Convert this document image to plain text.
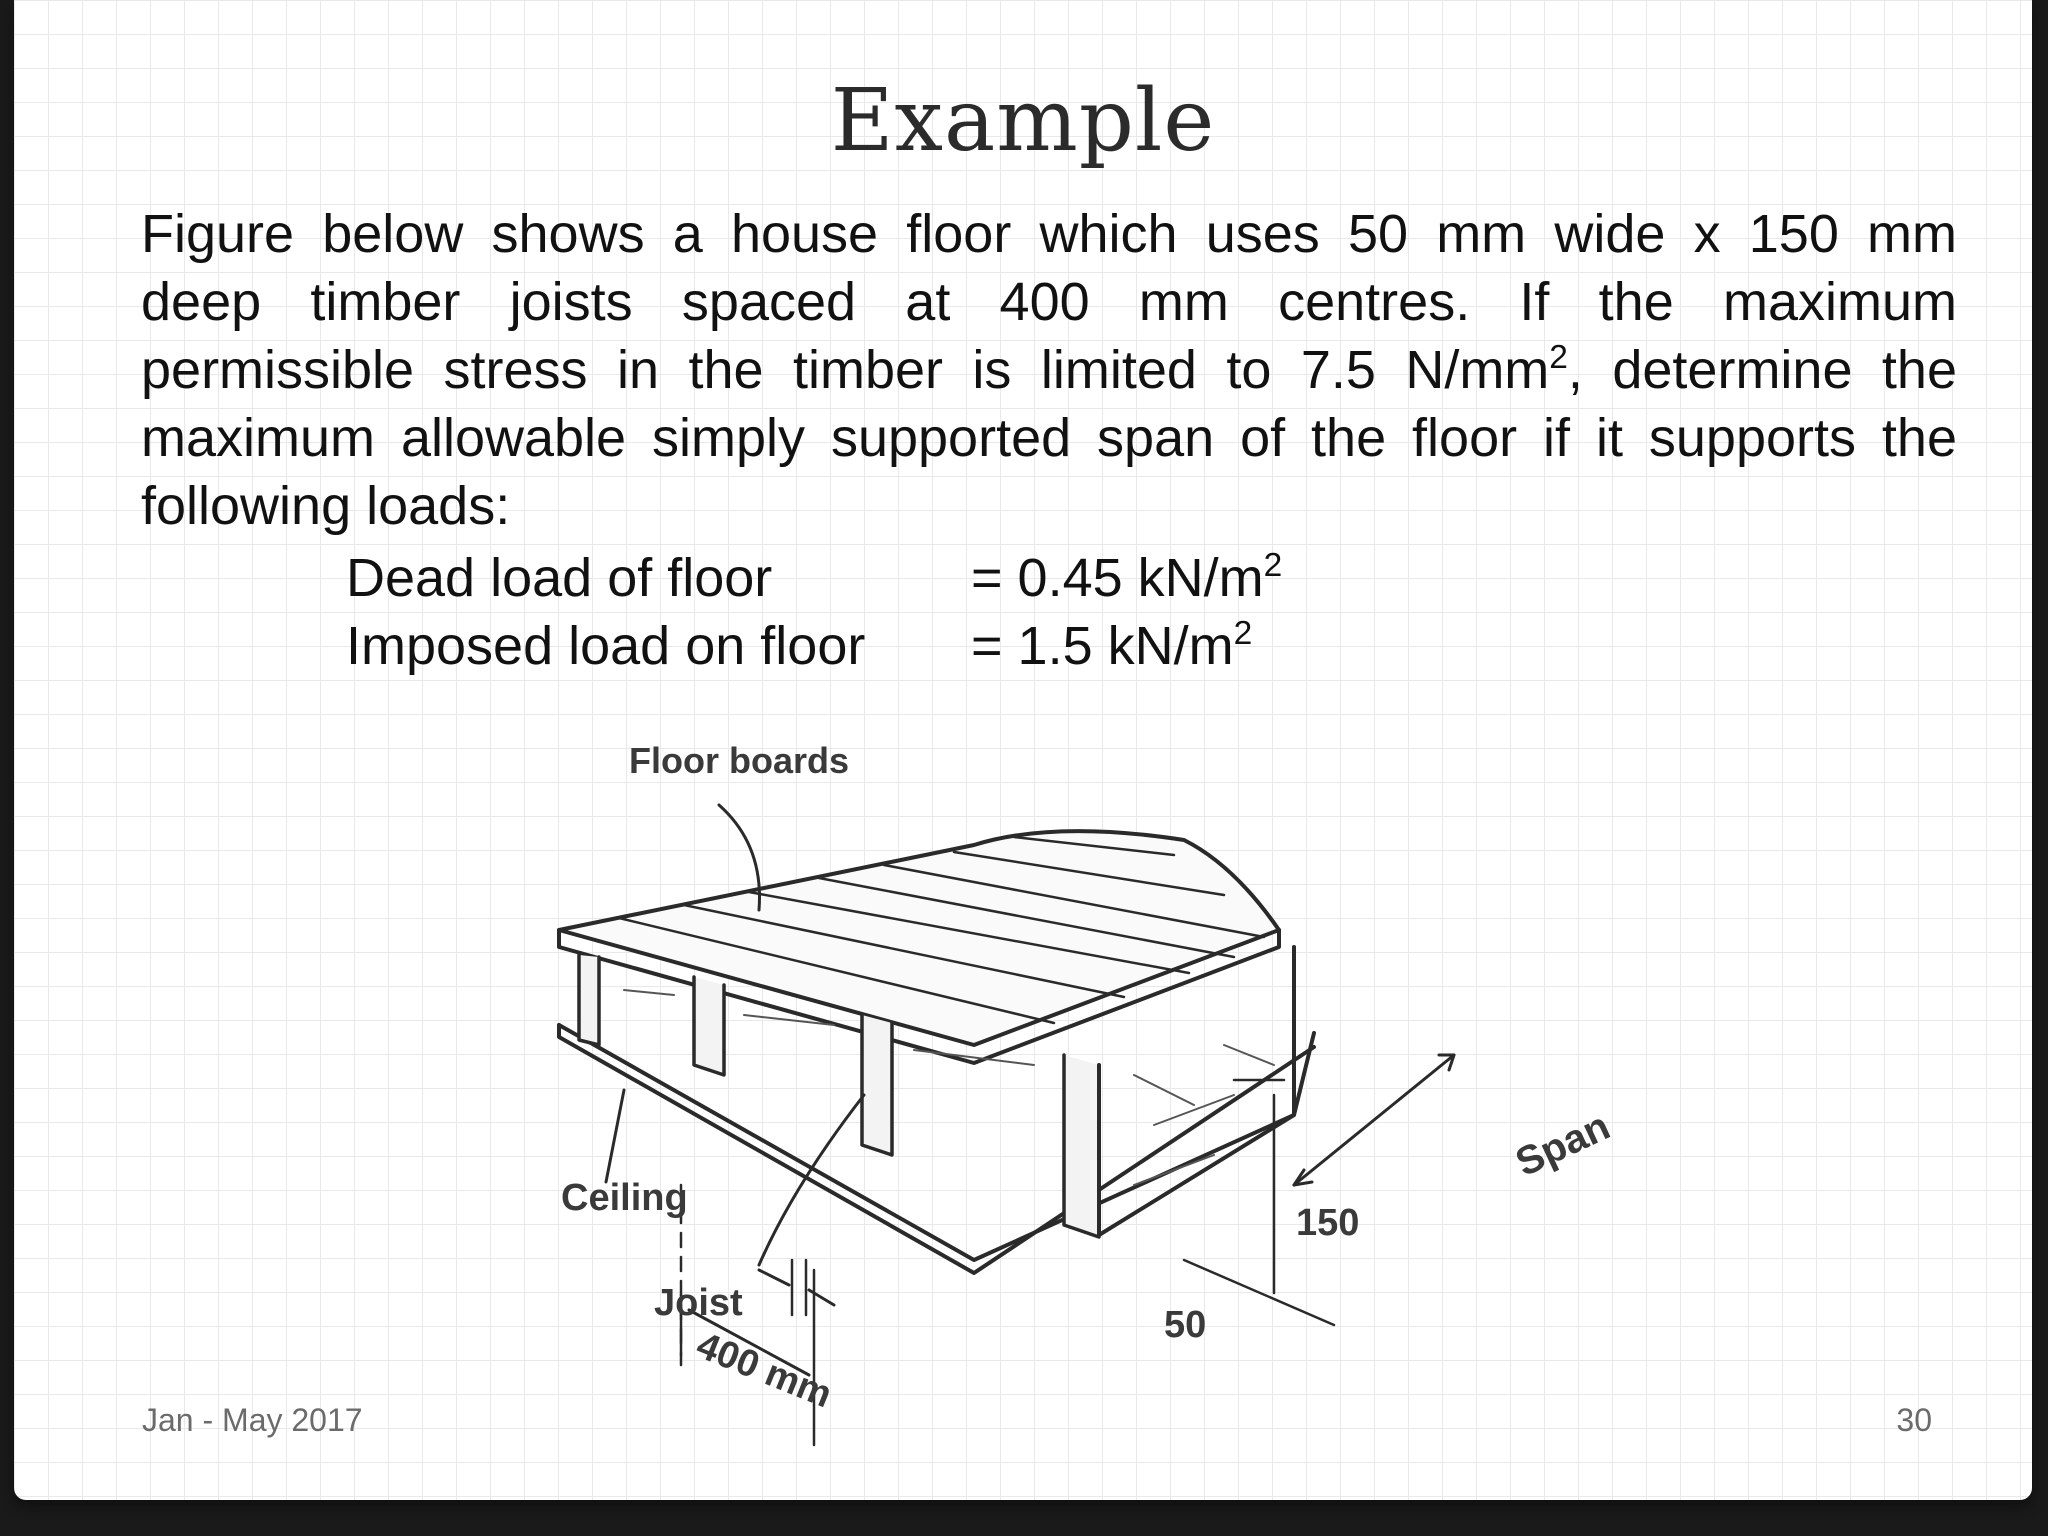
Example
Figure below shows a house floor which uses 50 mm wide x 150 mm
deep timber joists spaced at 400 mm centres. If the maximum
permissible stress in the timber is limited to 7.5 $N/mm^2$, determine the
maximum allowable simply supported span of the floor if it supports the
following loads:
Dead load of floor	= 0.45 $kN/m^2$
Imposed load on floor	= 1.5 $kN/m^2$
Floor boards
Ceiling
Joist
150
50
400 mm
Span
Jan - May 2017	30
